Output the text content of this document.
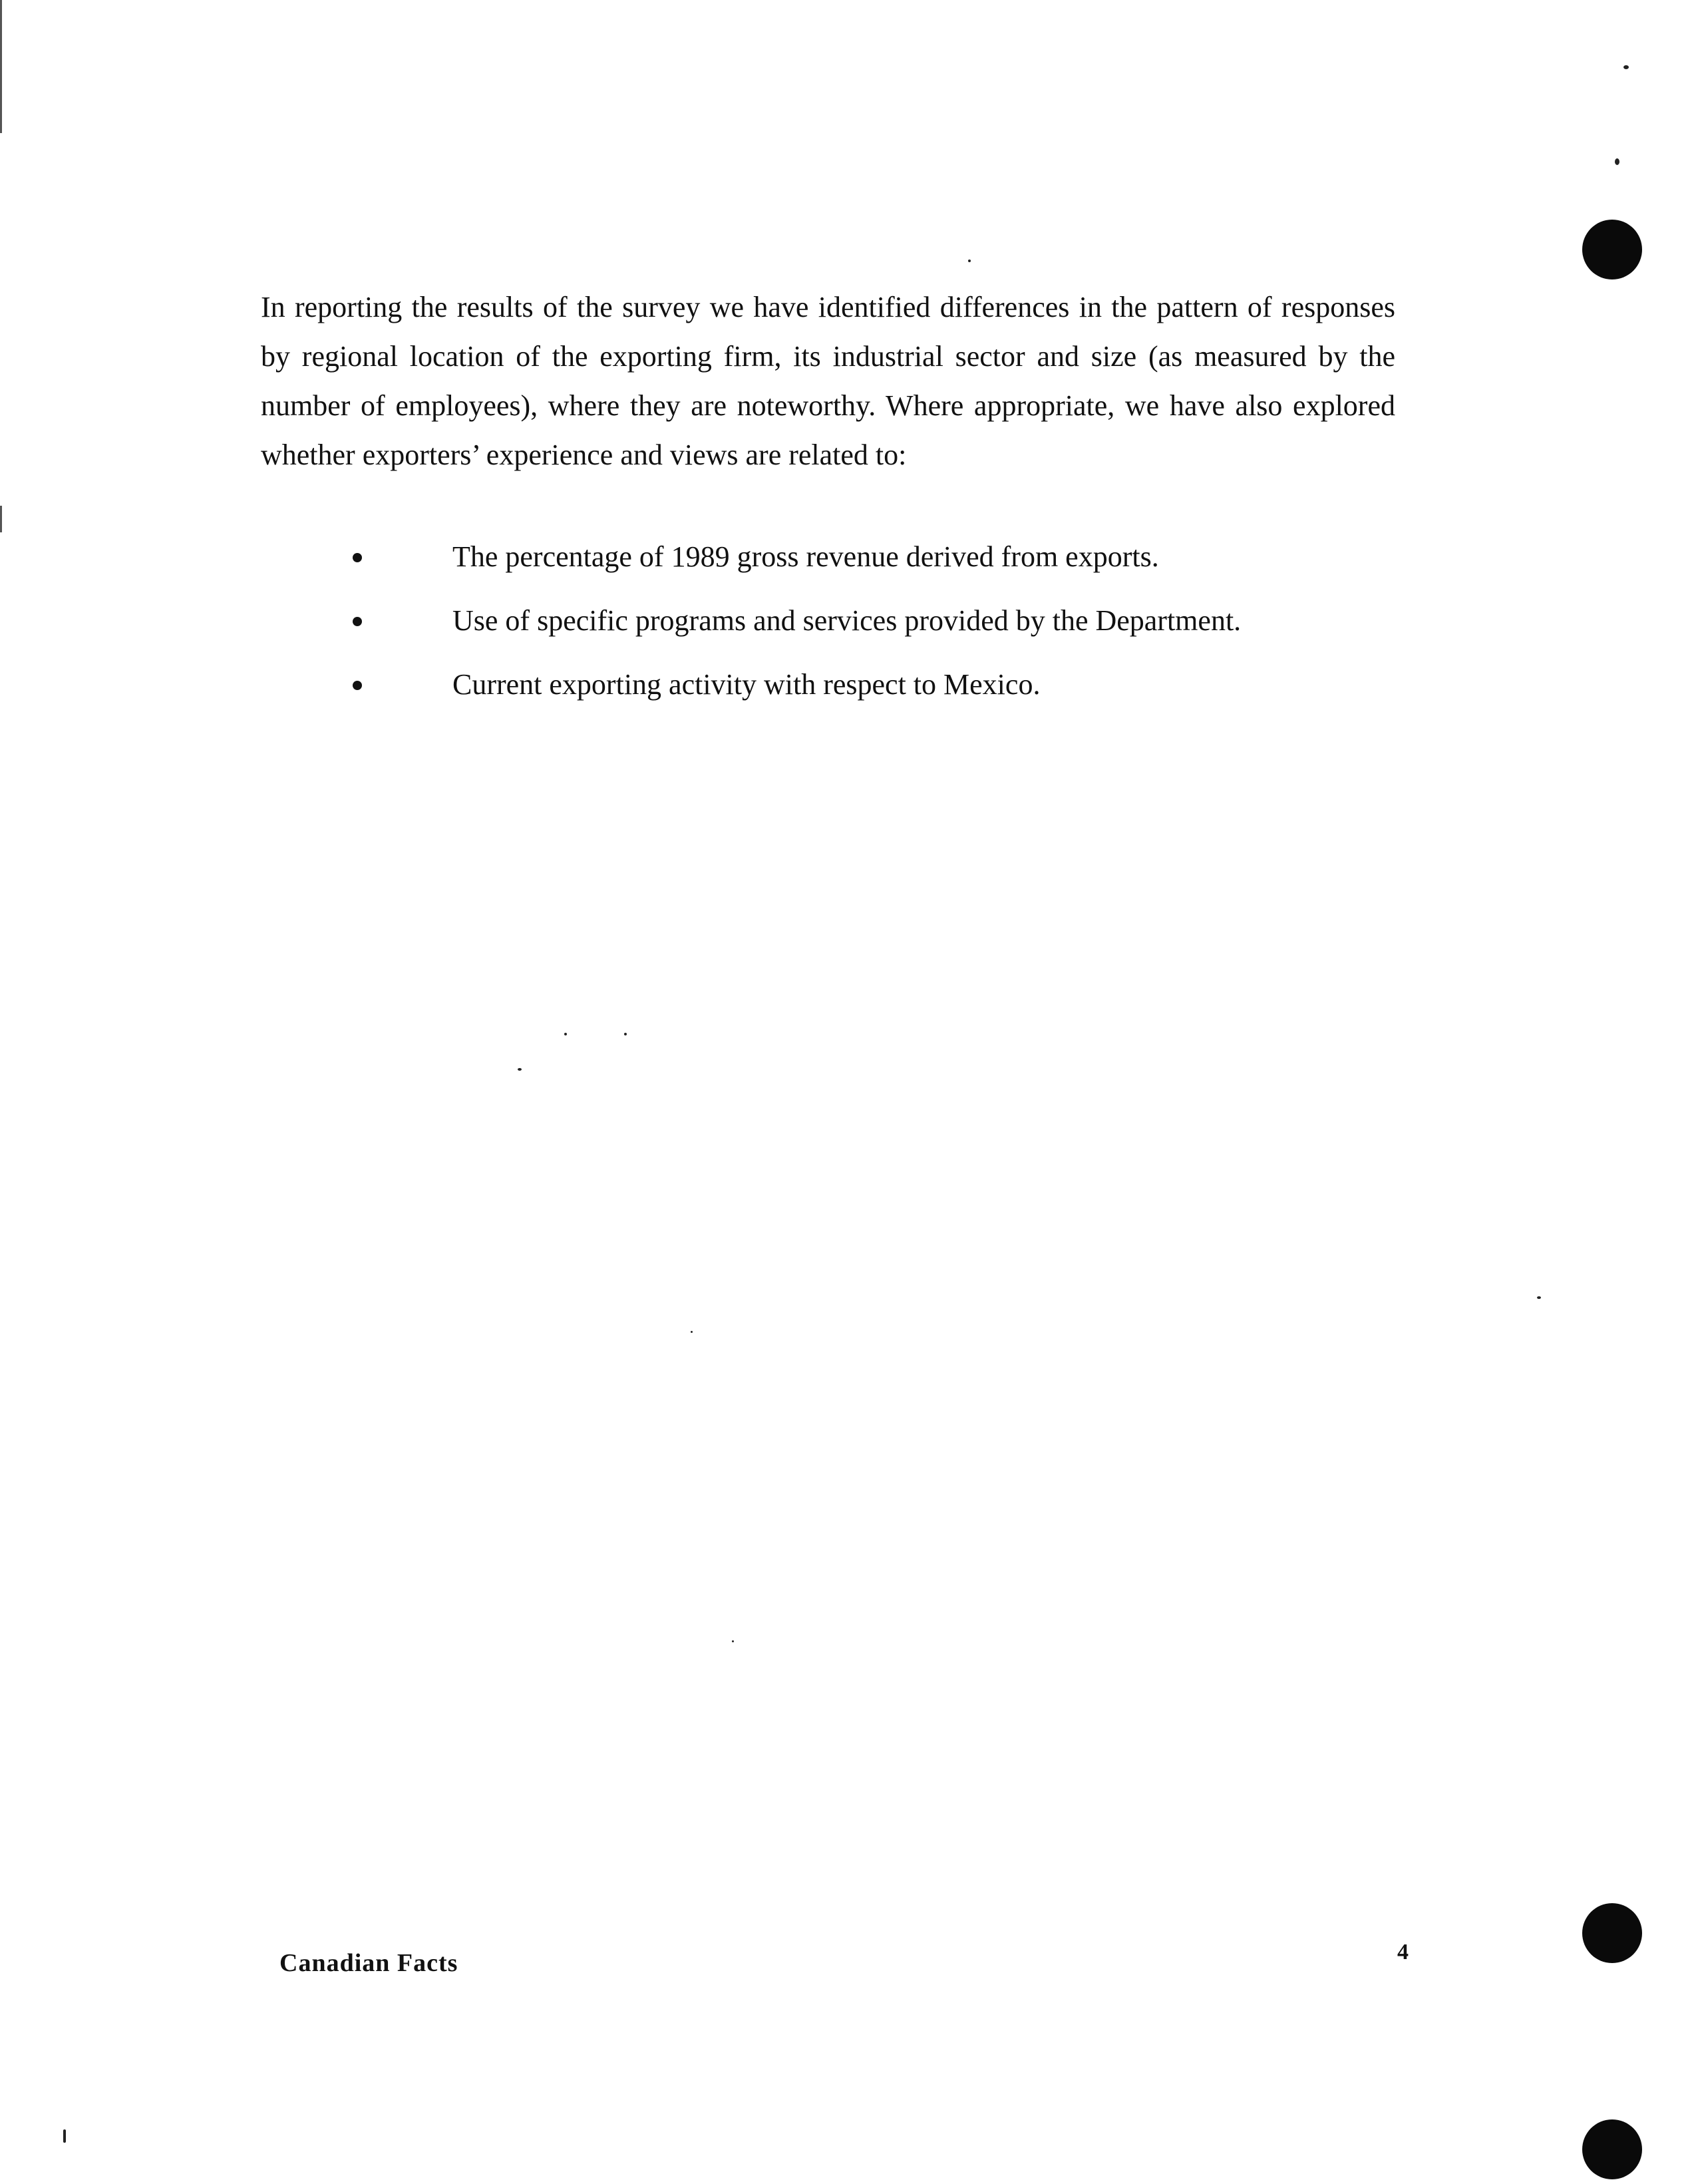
In reporting the results of the survey we have identified differences in the pattern of responses by regional location of the exporting firm, its industrial sector and size (as measured by the number of employees), where they are noteworthy. Where appropriate, we have also explored whether exporters’ experience and views are related to:

The percentage of 1989 gross revenue derived from exports.
Use of specific programs and services provided by the Department.
Current exporting activity with respect to Mexico.
Canadian Facts	4
